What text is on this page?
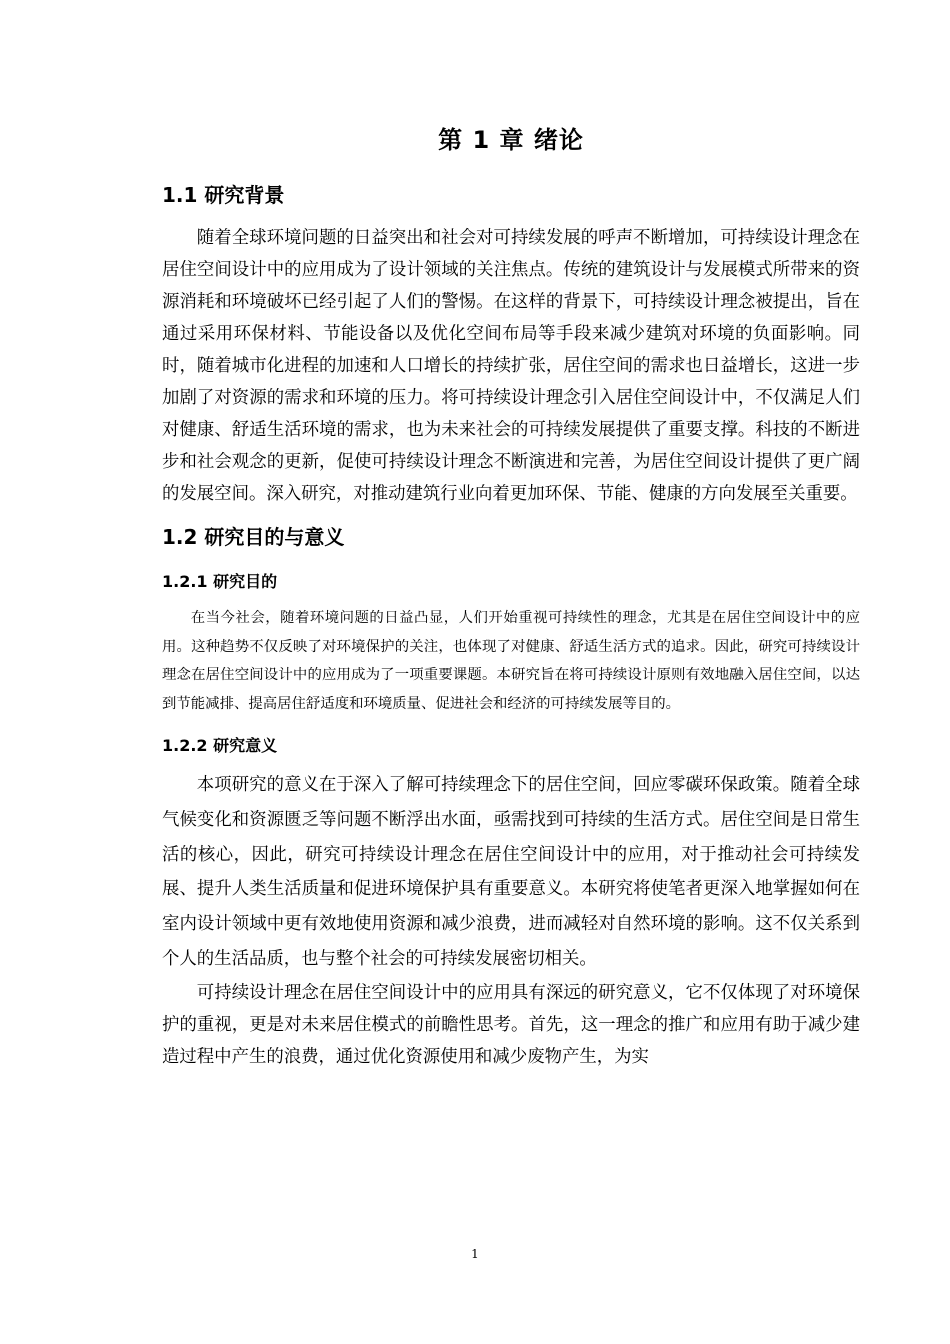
第 1 章 绪论
1.1 研究背景

随着全球环境问题的日益突出和社会对可持续发展的呼声不断增加，可持续设计理念在居住空间设计中的应用成为了设计领域的关注焦点。传统的建筑设计与发展模式所带来的资源消耗和环境破坏已经引起了人们的警惕。在这样的背景下，可持续设计理念被提出，旨在通过采用环保材料、节能设备以及优化空间布局等手段来减少建筑对环境的负面影响。同时，随着城市化进程的加速和人口增长的持续扩张，居住空间的需求也日益增长，这进一步加剧了对资源的需求和环境的压力。将可持续设计理念引入居住空间设计中，不仅满足人们对健康、舒适生活环境的需求，也为未来社会的可持续发展提供了重要支撑。科技的不断进步和社会观念的更新，促使可持续设计理念不断演进和完善，为居住空间设计提供了更广阔的发展空间。深入研究，对推动建筑行业向着更加环保、节能、健康的方向发展至关重要。

1.2 研究目的与意义
1.2.1 研究目的

在当今社会，随着环境问题的日益凸显，人们开始重视可持续性的理念，尤其是在居住空间设计中的应用。这种趋势不仅反映了对环境保护的关注，也体现了对健康、舒适生活方式的追求。因此，研究可持续设计理念在居住空间设计中的应用成为了一项重要课题。本研究旨在将可持续设计原则有效地融入居住空间，以达到节能减排、提高居住舒适度和环境质量、促进社会和经济的可持续发展等目的。

1.2.2 研究意义

本项研究的意义在于深入了解可持续理念下的居住空间，回应零碳环保政策。随着全球气候变化和资源匮乏等问题不断浮出水面，亟需找到可持续的生活方式。居住空间是日常生活的核心，因此，研究可持续设计理念在居住空间设计中的应用，对于推动社会可持续发展、提升人类生活质量和促进环境保护具有重要意义。本研究将使笔者更深入地掌握如何在室内设计领域中更有效地使用资源和减少浪费，进而减轻对自然环境的影响。这不仅关系到个人的生活品质，也与整个社会的可持续发展密切相关。

可持续设计理念在居住空间设计中的应用具有深远的研究意义，它不仅体现了对环境保护的重视，更是对未来居住模式的前瞻性思考。首先，这一理念的推广和应用有助于减少建造过程中产生的浪费，通过优化资源使用和减少废物产生，为实

1
